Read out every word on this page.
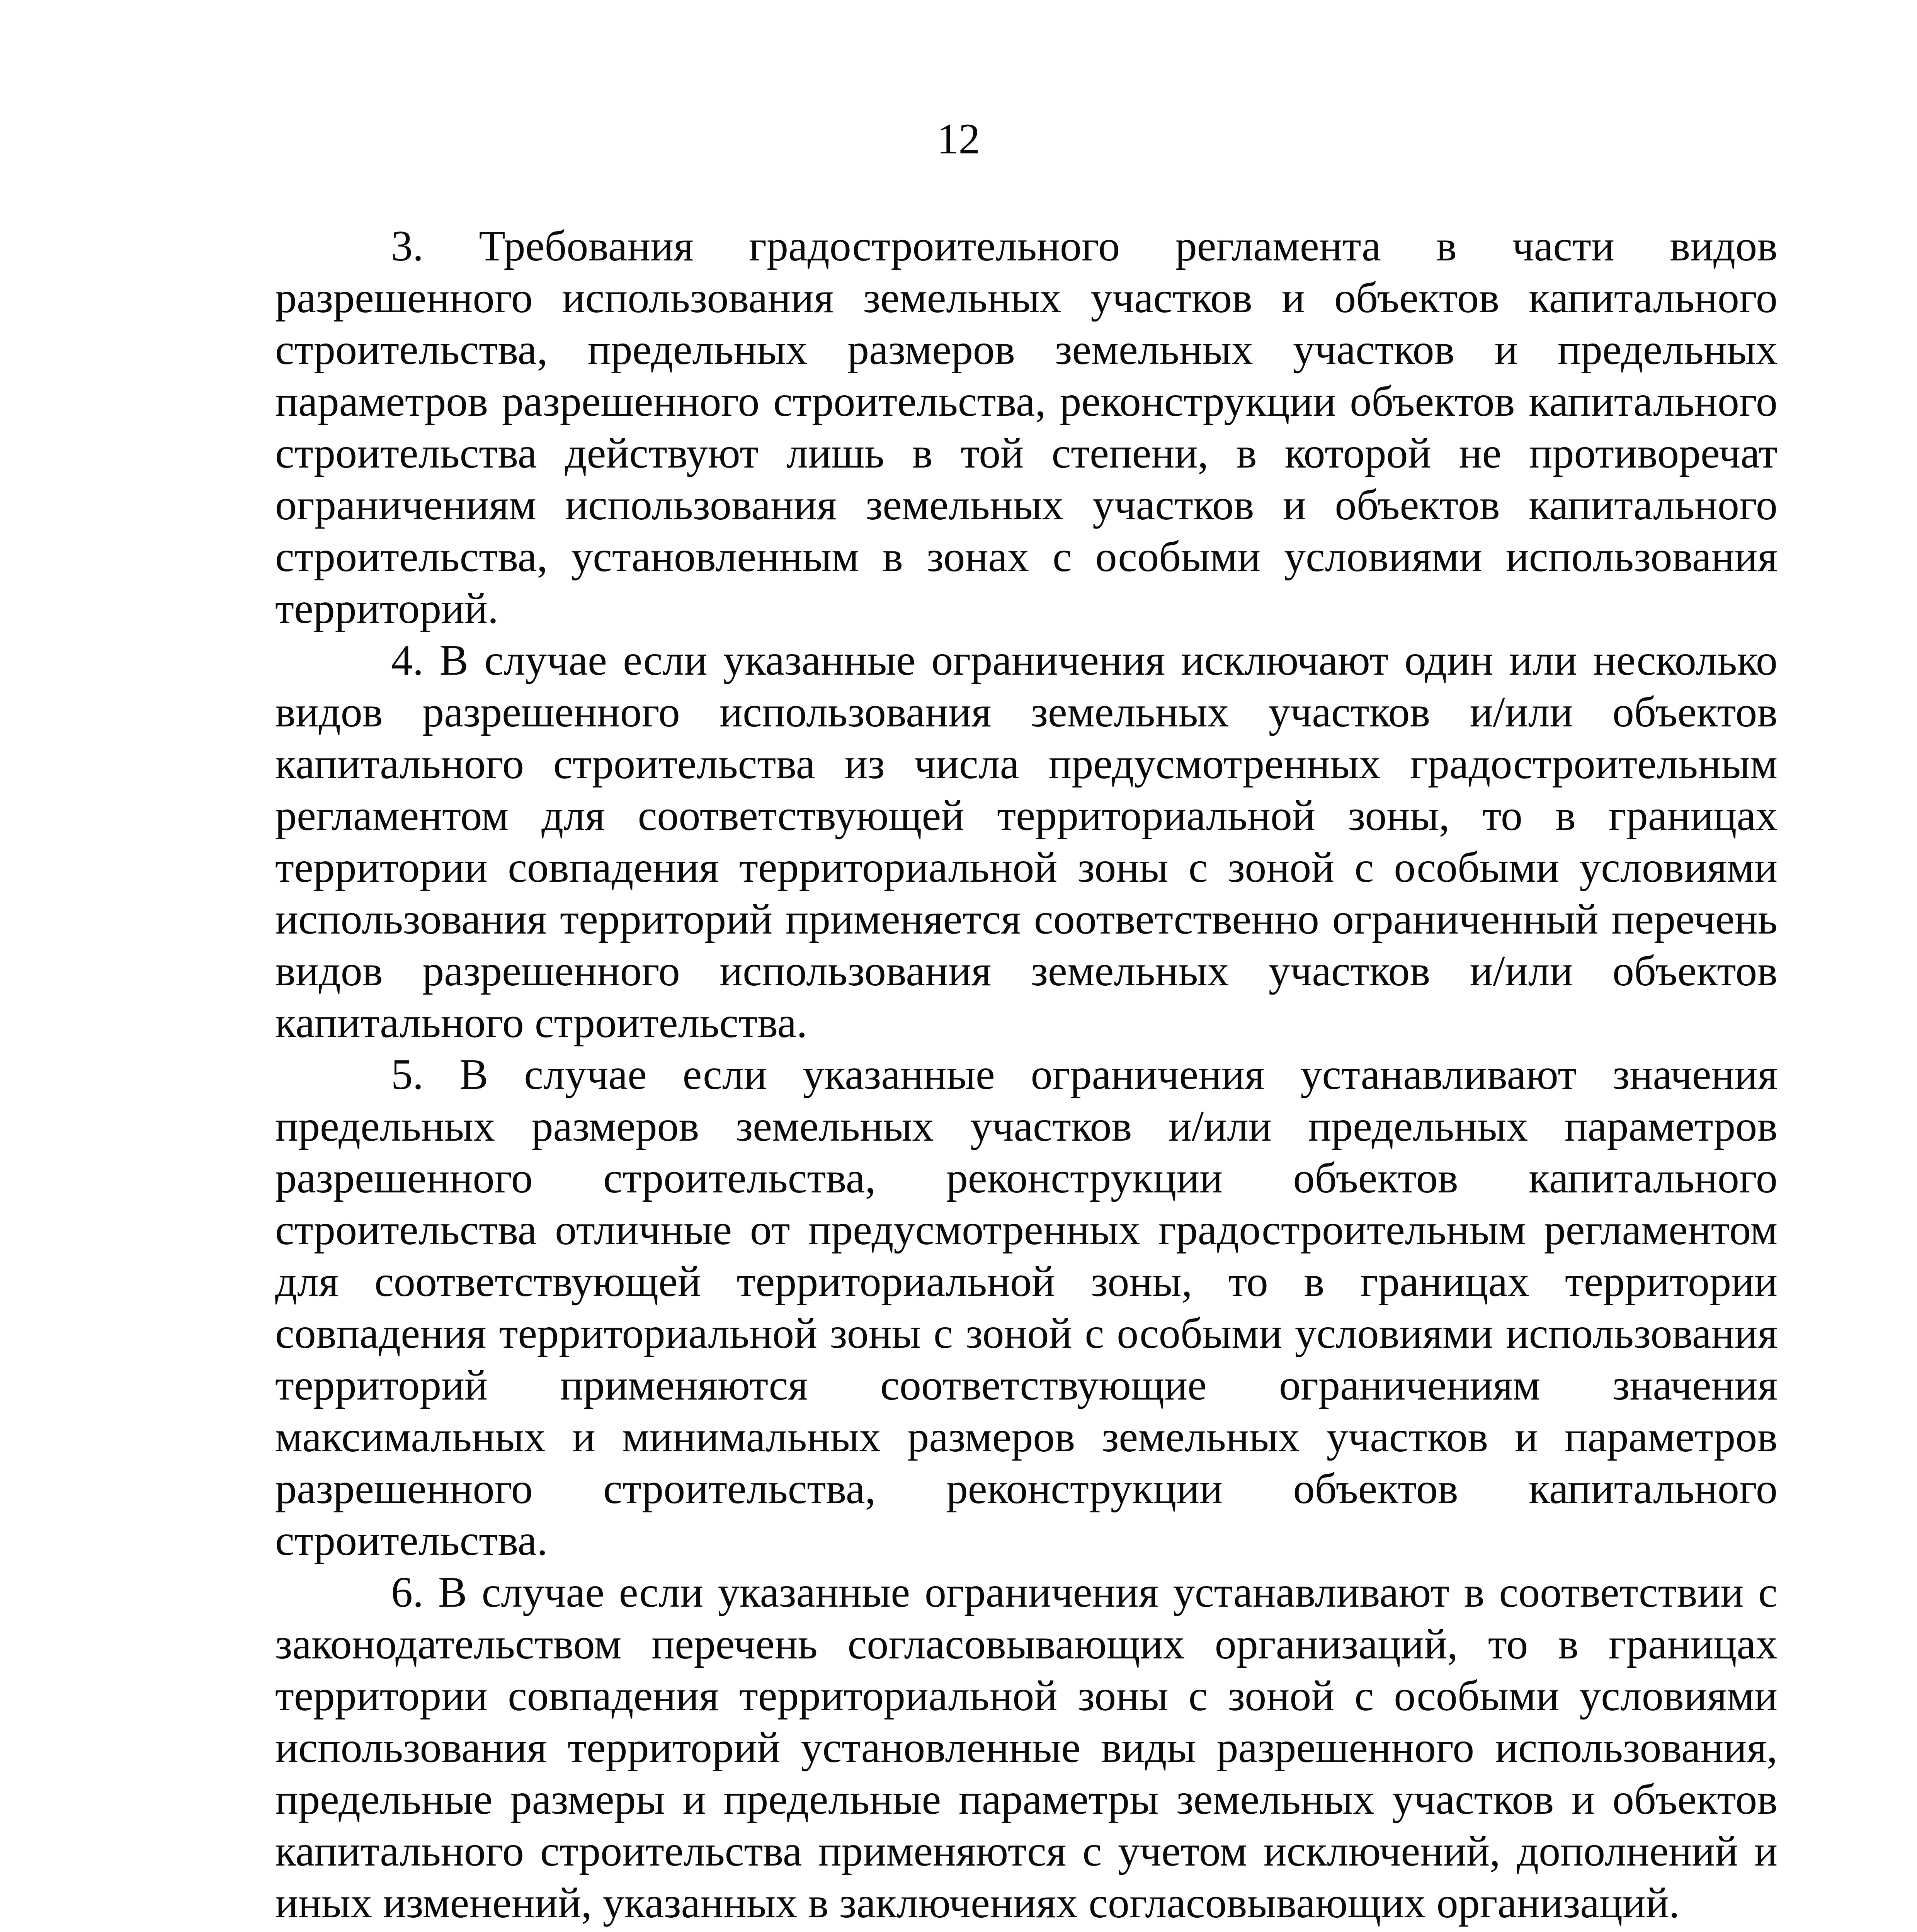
12

3. Требования градостроительного регламента в части видов разрешенного использования земельных участков и объектов капитального строительства, предельных размеров земельных участков и предельных параметров разрешенного строительства, реконструкции объектов капитального строительства действуют лишь в той степени, в которой не противоречат ограничениям использования земельных участков и объектов капитального строительства, установленным в зонах с особыми условиями использования территорий.

4. В случае если указанные ограничения исключают один или несколько видов разрешенного использования земельных участков и/или объектов капитального строительства из числа предусмотренных градостроительным регламентом для соответствующей территориальной зоны, то в границах территории совпадения территориальной зоны с зоной с особыми условиями использования территорий применяется соответственно ограниченный перечень видов разрешенного использования земельных участков и/или объектов капитального строительства.

5. В случае если указанные ограничения устанавливают значения предельных размеров земельных участков и/или предельных параметров разрешенного строительства, реконструкции объектов капитального строительства отличные от предусмотренных градостроительным регламентом для соответствующей территориальной зоны, то в границах территории совпадения территориальной зоны с зоной с особыми условиями использования территорий применяются соответствующие ограничениям значения максимальных и минимальных размеров земельных участков и параметров разрешенного строительства, реконструкции объектов капитального строительства.

6. В случае если указанные ограничения устанавливают в соответствии с законодательством перечень согласовывающих организаций, то в границах территории совпадения территориальной зоны с зоной с особыми условиями использования территорий установленные виды разрешенного использования, предельные размеры и предельные параметры земельных участков и объектов капитального строительства применяются с учетом исключений, дополнений и иных изменений, указанных в заключениях согласовывающих организаций.
